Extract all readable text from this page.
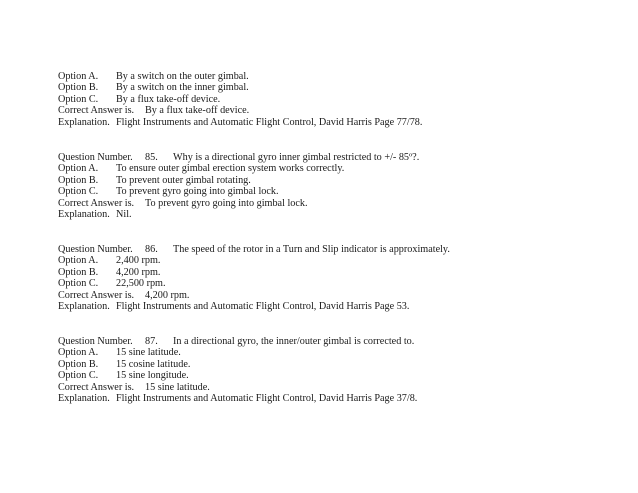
Option A. By a switch on the outer gimbal.
Option B. By a switch on the inner gimbal.
Option C. By a flux take-off device.
Correct Answer is. By a flux take-off device.
Explanation. Flight Instruments and Automatic Flight Control, David Harris Page 77/78.
Question Number. 85. Why is a directional gyro inner gimbal restricted to +/- 85º?.
Option A. To ensure outer gimbal erection system works correctly.
Option B. To prevent outer gimbal rotating.
Option C. To prevent gyro going into gimbal lock.
Correct Answer is. To prevent gyro going into gimbal lock.
Explanation. Nil.
Question Number. 86. The speed of the rotor in a Turn and Slip indicator is approximately.
Option A. 2,400 rpm.
Option B. 4,200 rpm.
Option C. 22,500 rpm.
Correct Answer is. 4,200 rpm.
Explanation. Flight Instruments and Automatic Flight Control, David Harris Page 53.
Question Number. 87. In a directional gyro, the inner/outer gimbal is corrected to.
Option A. 15 sine latitude.
Option B. 15 cosine latitude.
Option C. 15 sine longitude.
Correct Answer is. 15 sine latitude.
Explanation. Flight Instruments and Automatic Flight Control, David Harris Page 37/8.
